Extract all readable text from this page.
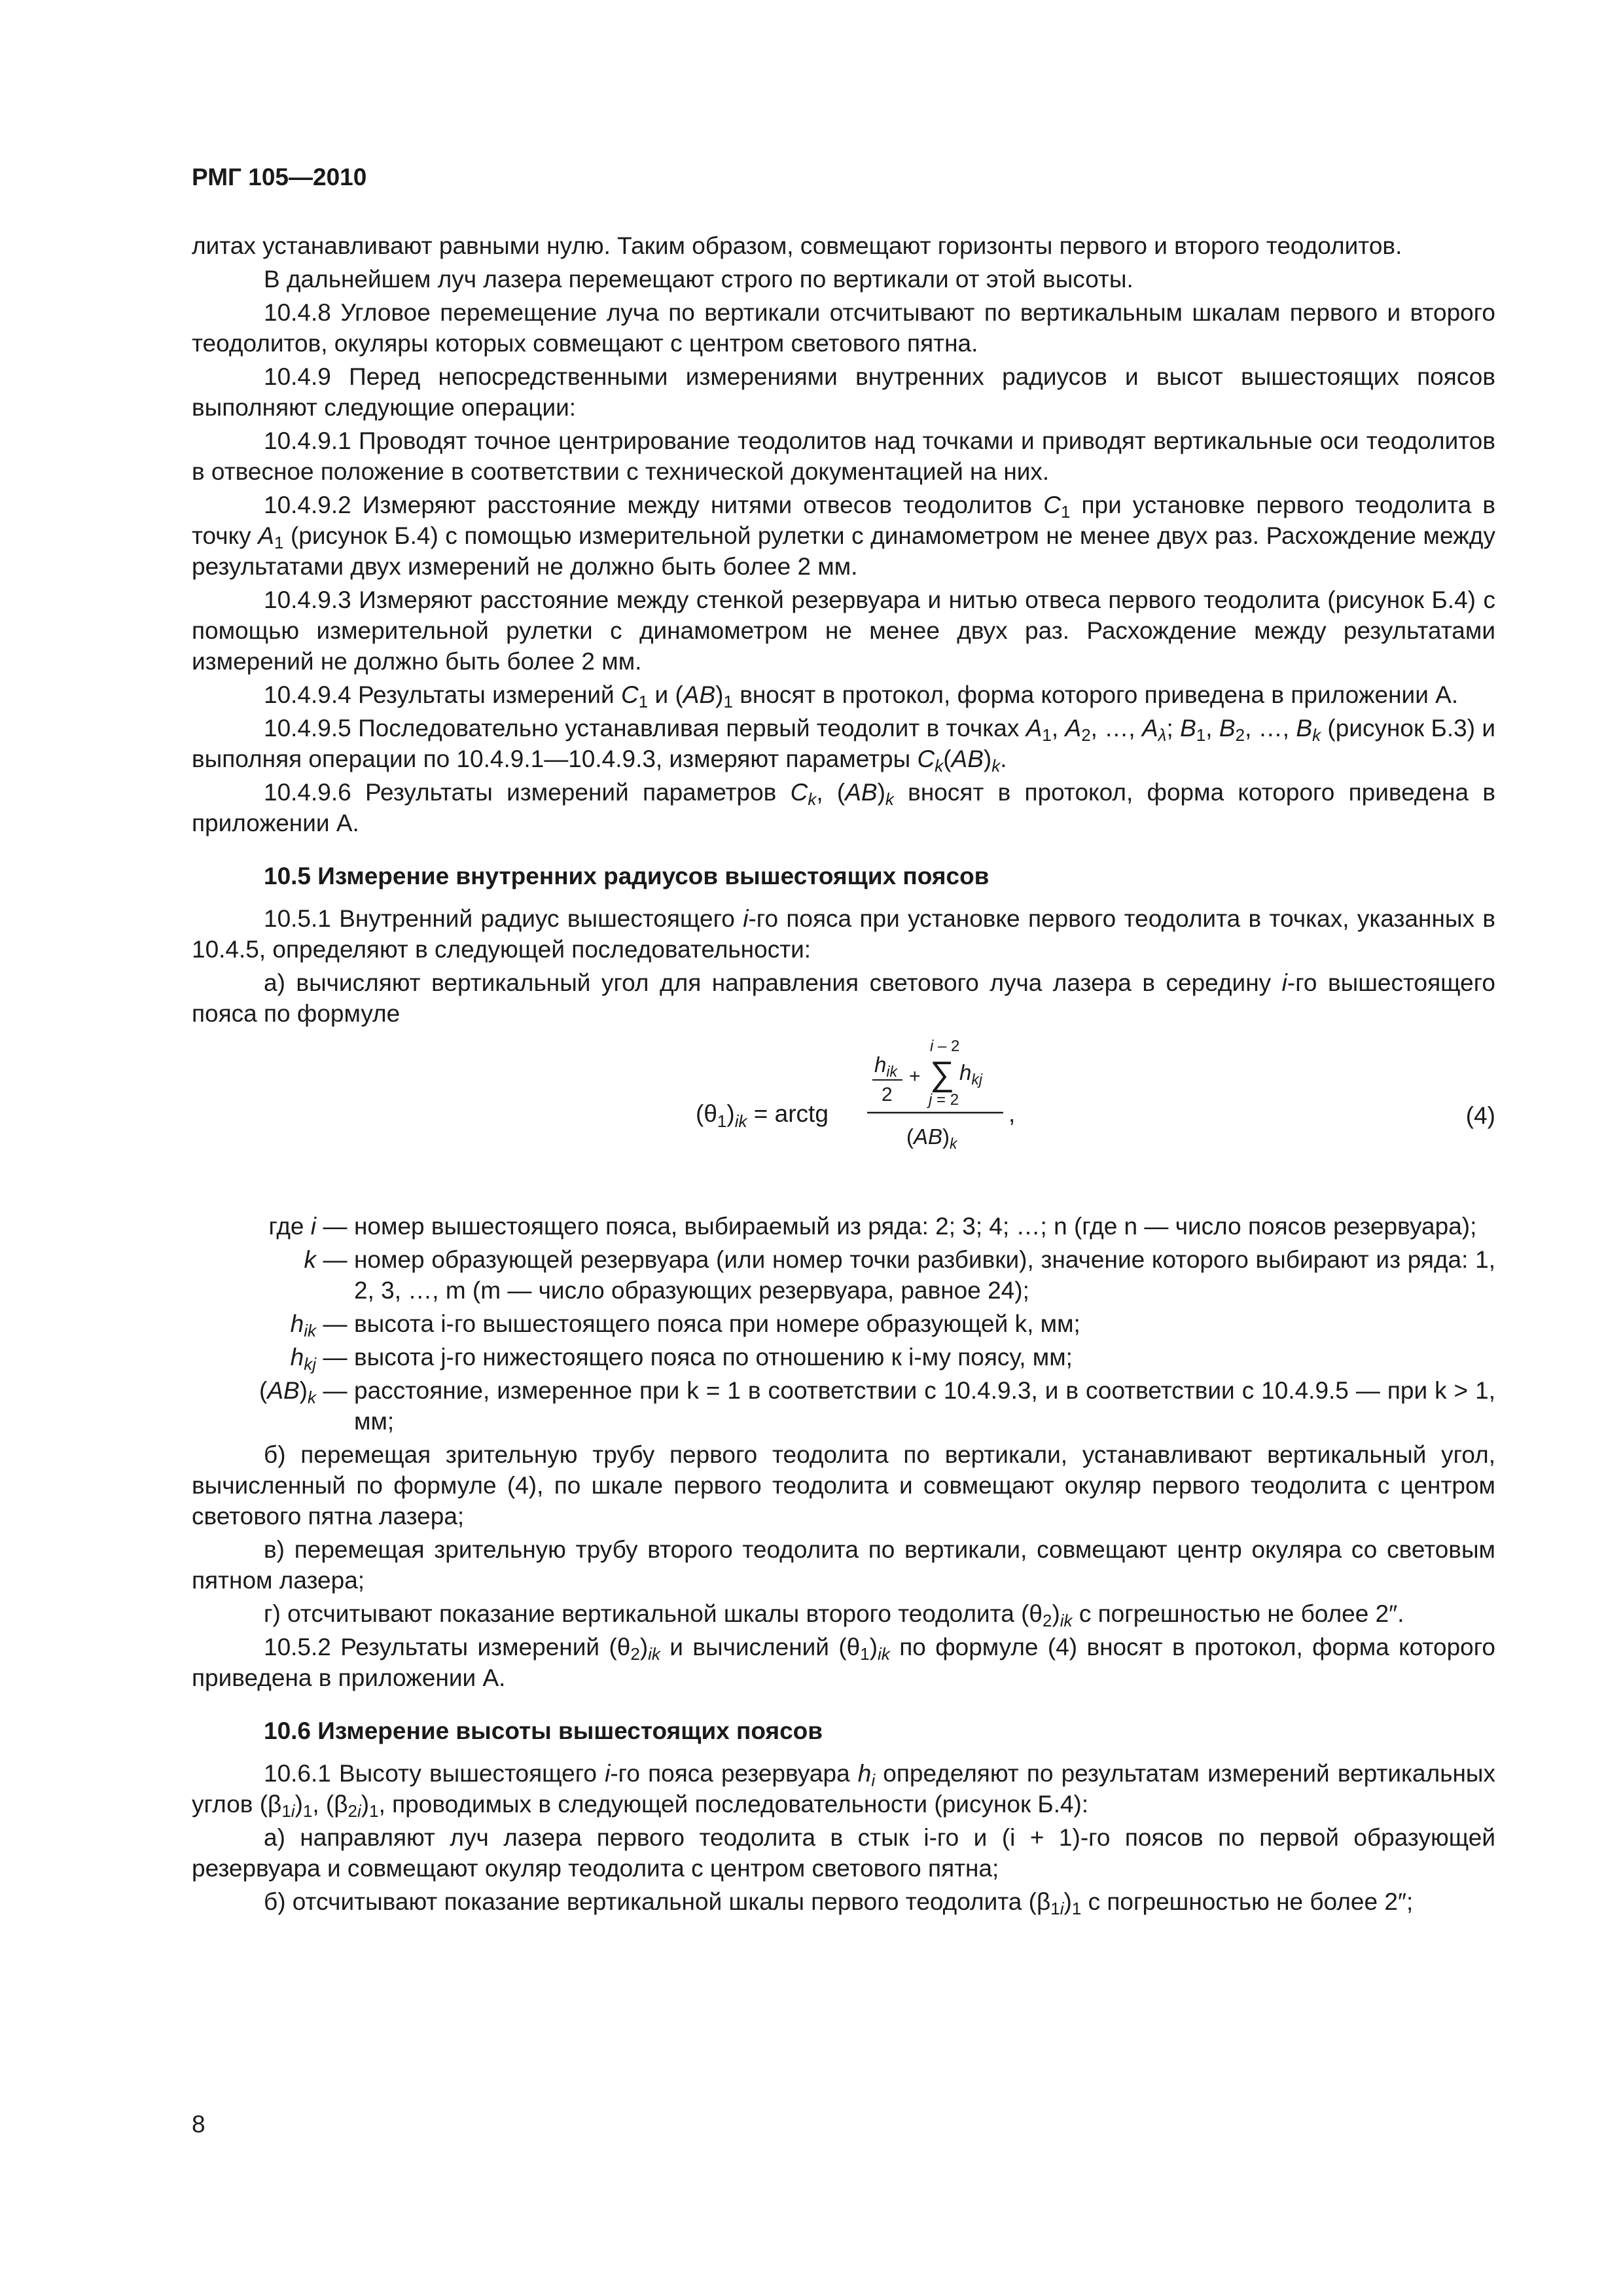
РМГ 105—2010

литах устанавливают равными нулю. Таким образом, совмещают горизонты первого и второго теодолитов.

В дальнейшем луч лазера перемещают строго по вертикали от этой высоты.

10.4.8 Угловое перемещение луча по вертикали отсчитывают по вертикальным шкалам первого и второго теодолитов, окуляры которых совмещают с центром светового пятна.

10.4.9 Перед непосредственными измерениями внутренних радиусов и высот вышестоящих поясов выполняют следующие операции:

10.4.9.1 Проводят точное центрирование теодолитов над точками и приводят вертикальные оси теодолитов в отвесное положение в соответствии с технической документацией на них.

10.4.9.2 Измеряют расстояние между нитями отвесов теодолитов $C_1$ при установке первого теодолита в точку $A_1$ (рисунок Б.4) с помощью измерительной рулетки с динамометром не менее двух раз. Расхождение между результатами двух измерений не должно быть более 2 мм.

10.4.9.3 Измеряют расстояние между стенкой резервуара и нитью отвеса первого теодолита (рисунок Б.4) с помощью измерительной рулетки с динамометром не менее двух раз. Расхождение между результатами измерений не должно быть более 2 мм.

10.4.9.4 Результаты измерений $C_1$ и $(AB)_1$ вносят в протокол, форма которого приведена в приложении А.

10.4.9.5 Последовательно устанавливая первый теодолит в точках $A_1$, $A_2$, …, $A_\lambda$; $B_1$, $B_2$, …, $B_k$ (рисунок Б.3) и выполняя операции по 10.4.9.1—10.4.9.3, измеряют параметры $C_k(AB)_k$.

10.4.9.6 Результаты измерений параметров $C_k$, $(AB)_k$ вносят в протокол, форма которого приведена в приложении А.

10.5 Измерение внутренних радиусов вышестоящих поясов

10.5.1 Внутренний радиус вышестоящего i-го пояса при установке первого теодолита в точках, указанных в 10.4.5, определяют в следующей последовательности:

а) вычисляют вертикальный угол для направления светового луча лазера в середину i-го вышестоящего пояса по формуле

$(\theta_1)_{ik}$ = arctg
$h_{ik}$
2
+
i – 2
∑
j = 2
$h_{kj}$
$(AB)_k$
,	(4)
где i — номер вышестоящего пояса, выбираемый из ряда: 2; 3; 4; …; n (где n — число поясов резервуара);
k — номер образующей резервуара (или номер точки разбивки), значение которого выбирают из ряда: 1, 2, 3, …, m (m — число образующих резервуара, равное 24);
$h_{ik}$ — высота i-го вышестоящего пояса при номере образующей k, мм;
$h_{kj}$ — высота j-го нижестоящего пояса по отношению к i-му поясу, мм;
$(AB)_k$ — расстояние, измеренное при k = 1 в соответствии с 10.4.9.3, и в соответствии с 10.4.9.5 — при k > 1, мм;

б) перемещая зрительную трубу первого теодолита по вертикали, устанавливают вертикальный угол, вычисленный по формуле (4), по шкале первого теодолита и совмещают окуляр первого теодолита с центром светового пятна лазера;

в) перемещая зрительную трубу второго теодолита по вертикали, совмещают центр окуляра со световым пятном лазера;

г) отсчитывают показание вертикальной шкалы второго теодолита $(\theta_2)_{ik}$ с погрешностью не более 2″.

10.5.2 Результаты измерений $(\theta_2)_{ik}$ и вычислений $(\theta_1)_{ik}$ по формуле (4) вносят в протокол, форма которого приведена в приложении А.

10.6 Измерение высоты вышестоящих поясов

10.6.1 Высоту вышестоящего i-го пояса резервуара $h_i$ определяют по результатам измерений вертикальных углов $(\beta_{1i})_1$, $(\beta_{2i})_1$, проводимых в следующей последовательности (рисунок Б.4):

а) направляют луч лазера первого теодолита в стык i-го и (i + 1)-го поясов по первой образующей резервуара и совмещают окуляр теодолита с центром светового пятна;

б) отсчитывают показание вертикальной шкалы первого теодолита $(\beta_{1i})_1$ с погрешностью не более 2″;

8
